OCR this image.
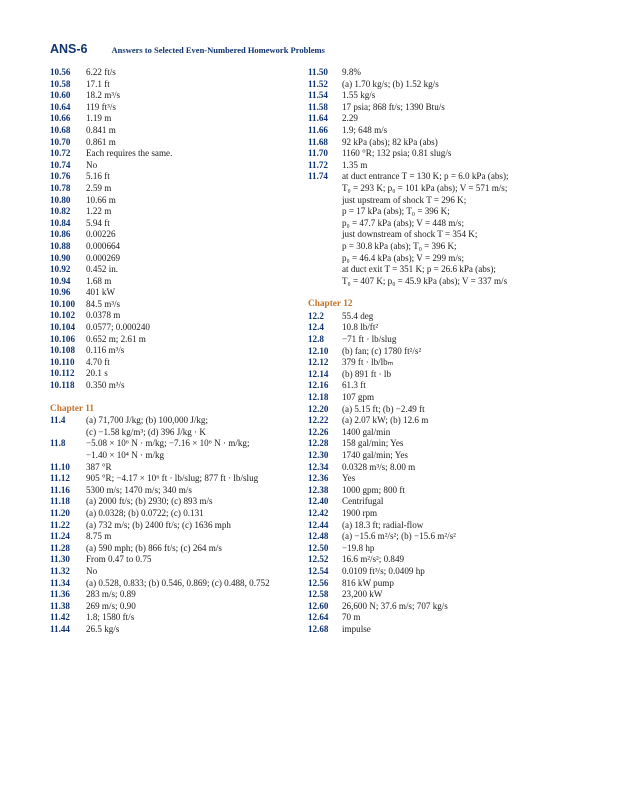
ANS-6	Answers to Selected Even-Numbered Homework Problems
10.56	6.22 ft/s
10.58	17.1 ft
10.60	18.2 m³/s
10.64	119 ft³/s
10.66	1.19 m
10.68	0.841 m
10.70	0.861 m
10.72	Each requires the same.
10.74	No
10.76	5.16 ft
10.78	2.59 m
10.80	10.66 m
10.82	1.22 m
10.84	5.94 ft
10.86	0.00226
10.88	0.000664
10.90	0.000269
10.92	0.452 in.
10.94	1.68 m
10.96	401 kW
10.100	84.5 m³/s
10.102	0.0378 m
10.104	0.0577; 0.000240
10.106	0.652 m; 2.61 m
10.108	0.116 m³/s
10.110	4.70 ft
10.112	20.1 s
10.118	0.350 m³/s
Chapter 11
11.4	(a) 71,700 J/kg; (b) 100,000 J/kg;
(c) −1.58 kg/m³; (d) 396 J/kg · K
11.8	−5.08 × 10⁶ N · m/kg; −7.16 × 10⁶ N · m/kg;
−1.40 × 10⁴ N · m/kg
11.10	387 °R
11.12	905 °R; −4.17 × 10⁶ ft · lb/slug; 877 ft · lb/slug
11.16	5300 m/s; 1470 m/s; 340 m/s
11.18	(a) 2000 ft/s; (b) 2930; (c) 893 m/s
11.20	(a) 0.0328; (b) 0.0722; (c) 0.131
11.22	(a) 732 m/s; (b) 2400 ft/s; (c) 1636 mph
11.24	8.75 m
11.28	(a) 590 mph; (b) 866 ft/s; (c) 264 m/s
11.30	From 0.47 to 0.75
11.32	No
11.34	(a) 0.528, 0.833; (b) 0.546, 0.869; (c) 0.488, 0.752
11.36	283 m/s; 0.89
11.38	269 m/s; 0.90
11.42	1.8; 1580 ft/s
11.44	26.5 kg/s
11.50	9.8%
11.52	(a) 1.70 kg/s; (b) 1.52 kg/s
11.54	1.55 kg/s
11.58	17 psia; 868 ft/s; 1390 Btu/s
11.64	2.29
11.66	1.9; 648 m/s
11.68	92 kPa (abs); 82 kPa (abs)
11.70	1160 °R; 132 psia; 0.81 slug/s
11.72	1.35 m
11.74	at duct entrance T = 130 K; p = 6.0 kPa (abs);
T₀ = 293 K; p₀ = 101 kPa (abs); V = 571 m/s;
just upstream of shock T = 296 K;
p = 17 kPa (abs); T₀ = 396 K;
p₀ = 47.7 kPa (abs); V = 448 m/s;
just downstream of shock T = 354 K;
p = 30.8 kPa (abs); T₀ = 396 K;
p₀ = 46.4 kPa (abs); V = 299 m/s;
at duct exit T = 351 K; p = 26.6 kPa (abs);
T₀ = 407 K; p₀ = 45.9 kPa (abs); V = 337 m/s
Chapter 12
12.2	55.4 deg
12.4	10.8 lb/ft²
12.8	−71 ft · lb/slug
12.10	(b) fan; (c) 1780 ft²/s²
12.12	379 ft · lb/lbₘ
12.14	(b) 891 ft · lb
12.16	61.3 ft
12.18	107 gpm
12.20	(a) 5.15 ft; (b) −2.49 ft
12.22	(a) 2.07 kW; (b) 12.6 m
12.26	1400 gal/min
12.28	158 gal/min; Yes
12.30	1740 gal/min; Yes
12.34	0.0328 m³/s; 8.00 m
12.36	Yes
12.38	1000 gpm; 800 ft
12.40	Centrifugal
12.42	1900 rpm
12.44	(a) 18.3 ft; radial-flow
12.48	(a) −15.6 m²/s²; (b) −15.6 m²/s²
12.50	−19.8 hp
12.52	16.6 m²/s²; 0.849
12.54	0.0109 ft³/s; 0.0409 hp
12.56	816 kW pump
12.58	23,200 kW
12.60	26,600 N; 37.6 m/s; 707 kg/s
12.64	70 m
12.68	impulse
